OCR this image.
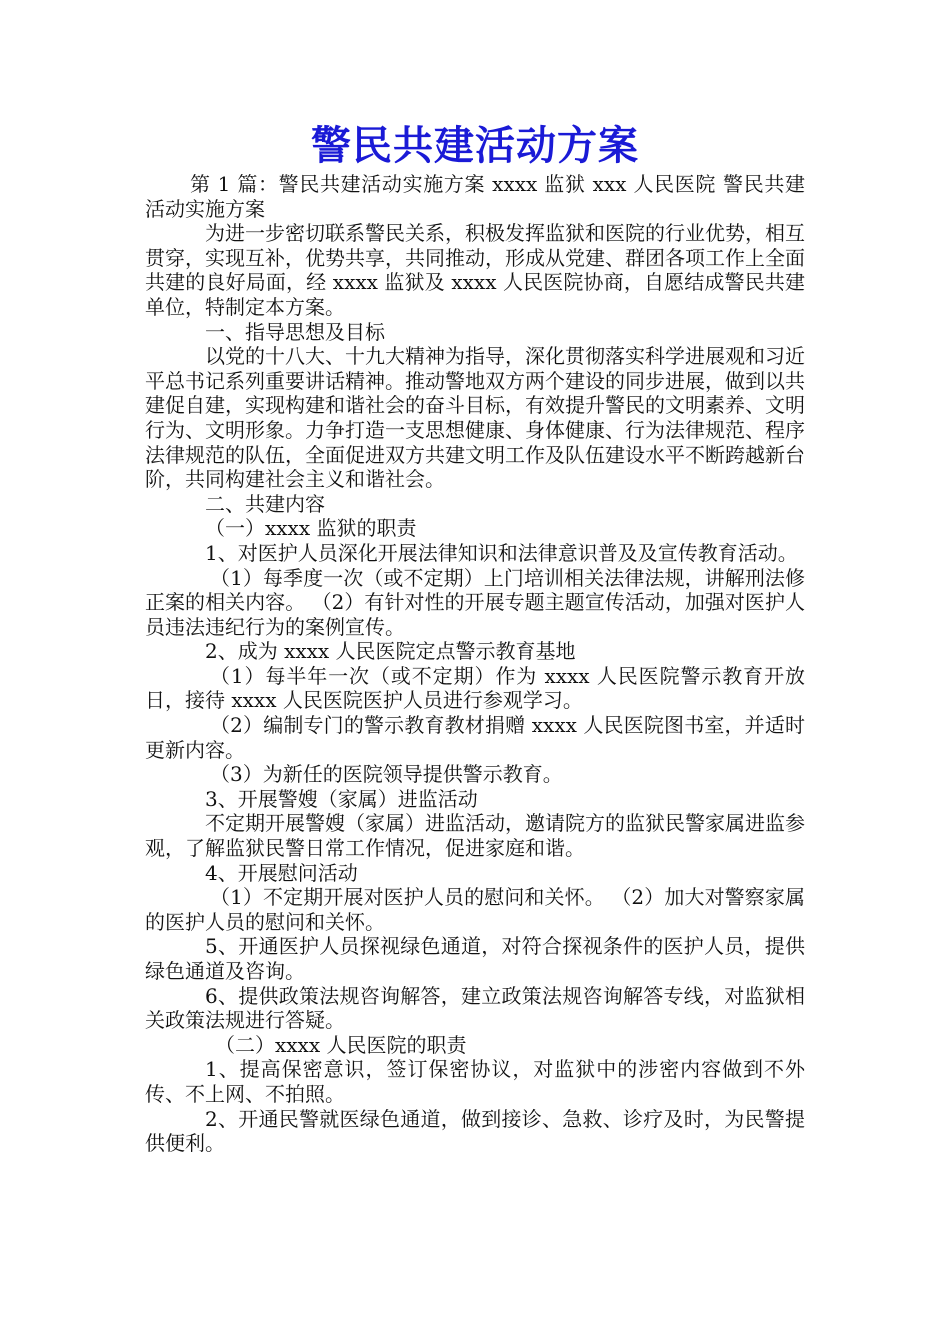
警民共建活动方案

第 1 篇：警民共建活动实施方案 xxxx 监狱 xxx 人民医院 警民共建活动实施方案

为进一步密切联系警民关系，积极发挥监狱和医院的行业优势，相互贯穿，实现互补，优势共享，共同推动，形成从党建、群团各项工作上全面共建的良好局面，经 xxxx 监狱及 xxxx 人民医院协商，自愿结成警民共建单位，特制定本方案。

一、指导思想及目标

以党的十八大、十九大精神为指导，深化贯彻落实科学进展观和习近平总书记系列重要讲话精神。推动警地双方两个建设的同步进展，做到以共建促自建，实现构建和谐社会的奋斗目标，有效提升警民的文明素养、文明行为、文明形象。力争打造一支思想健康、身体健康、行为法律规范、程序法律规范的队伍，全面促进双方共建文明工作及队伍建设水平不断跨越新台阶，共同构建社会主义和谐社会。

二、共建内容

（一）xxxx 监狱的职责

1、对医护人员深化开展法律知识和法律意识普及及宣传教育活动。

（1）每季度一次（或不定期）上门培训相关法律法规，讲解刑法修正案的相关内容。 （2）有针对性的开展专题主题宣传活动，加强对医护人员违法违纪行为的案例宣传。

2、成为 xxxx 人民医院定点警示教育基地

（1）每半年一次（或不定期）作为 xxxx 人民医院警示教育开放日，接待 xxxx 人民医院医护人员进行参观学习。

（2）编制专门的警示教育教材捐赠 xxxx 人民医院图书室，并适时更新内容。

（3）为新任的医院领导提供警示教育。

3、开展警嫂（家属）进监活动

不定期开展警嫂（家属）进监活动，邀请院方的监狱民警家属进监参观，了解监狱民警日常工作情况，促进家庭和谐。

4、开展慰问活动

（1）不定期开展对医护人员的慰问和关怀。 （2）加大对警察家属的医护人员的慰问和关怀。

5、开通医护人员探视绿色通道，对符合探视条件的医护人员，提供绿色通道及咨询。

6、提供政策法规咨询解答，建立政策法规咨询解答专线，对监狱相关政策法规进行答疑。

（二）xxxx 人民医院的职责

1、提高保密意识，签订保密协议，对监狱中的涉密内容做到不外传、不上网、不拍照。

2、开通民警就医绿色通道，做到接诊、急救、诊疗及时，为民警提供便利。
